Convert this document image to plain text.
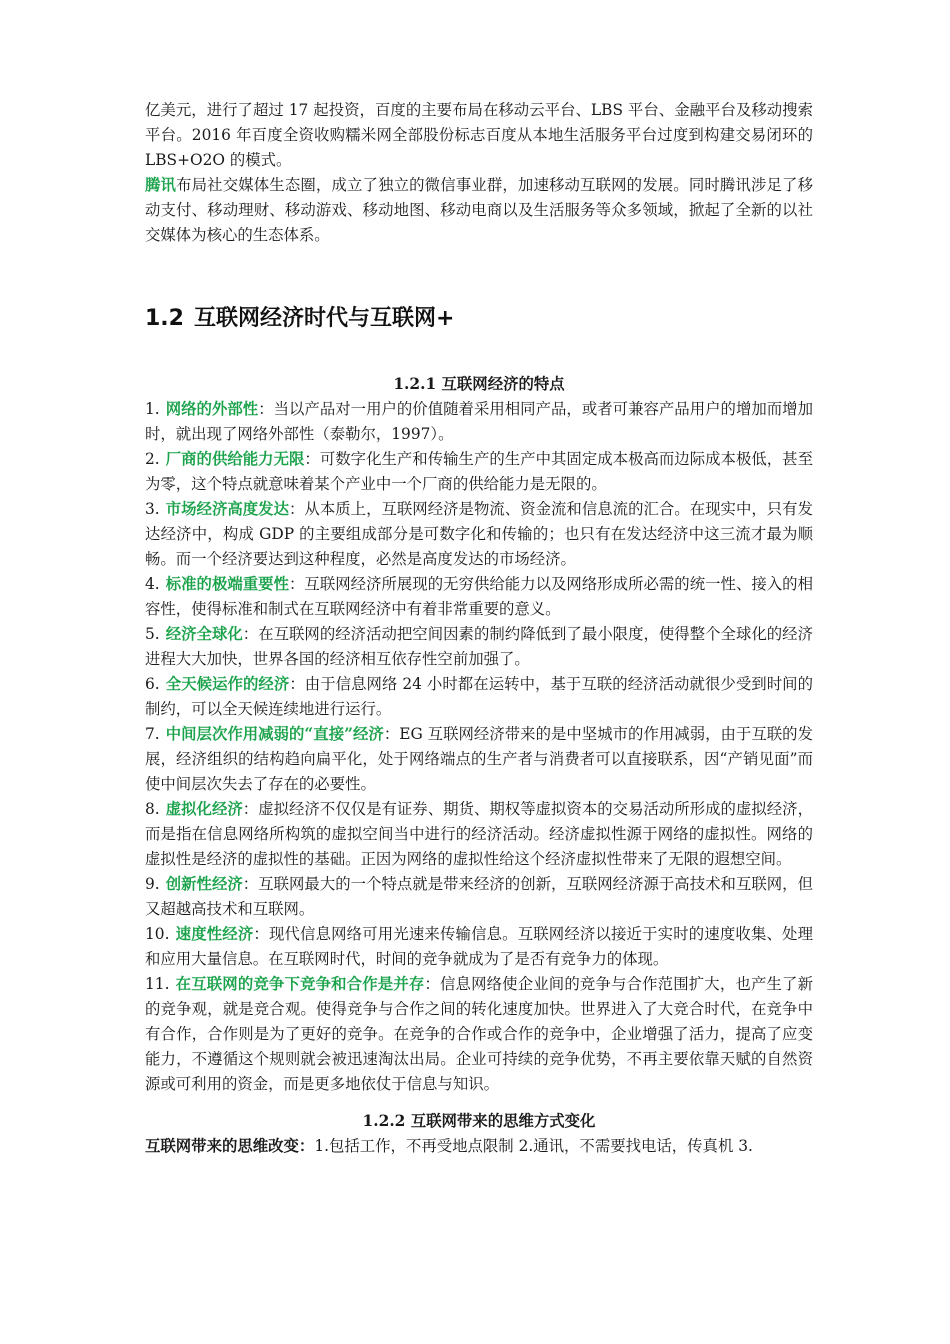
亿美元，进行了超过 17 起投资，百度的主要布局在移动云平台、LBS 平台、金融平台及移动搜索平台。2016 年百度全资收购糯米网全部股份标志百度从本地生活服务平台过度到构建交易闭环的 LBS+O2O 的模式。

腾讯布局社交媒体生态圈，成立了独立的微信事业群，加速移动互联网的发展。同时腾讯涉足了移动支付、移动理财、移动游戏、移动地图、移动电商以及生活服务等众多领域，掀起了全新的以社交媒体为核心的生态体系。

1.2 互联网经济时代与互联网+
1.2.1 互联网经济的特点

1. 网络的外部性：当以产品对一用户的价值随着采用相同产品，或者可兼容产品用户的增加而增加时，就出现了网络外部性（泰勒尔，1997）。

2. 厂商的供给能力无限：可数字化生产和传输生产的生产中其固定成本极高而边际成本极低，甚至为零，这个特点就意味着某个产业中一个厂商的供给能力是无限的。

3. 市场经济高度发达：从本质上，互联网经济是物流、资金流和信息流的汇合。在现实中，只有发达经济中，构成 GDP 的主要组成部分是可数字化和传输的；也只有在发达经济中这三流才最为顺畅。而一个经济要达到这种程度，必然是高度发达的市场经济。

4. 标准的极端重要性：互联网经济所展现的无穷供给能力以及网络形成所必需的统一性、接入的相容性，使得标准和制式在互联网经济中有着非常重要的意义。

5. 经济全球化：在互联网的经济活动把空间因素的制约降低到了最小限度，使得整个全球化的经济进程大大加快，世界各国的经济相互依存性空前加强了。

6. 全天候运作的经济：由于信息网络 24 小时都在运转中，基于互联的经济活动就很少受到时间的制约，可以全天候连续地进行运行。

7. 中间层次作用减弱的“直接”经济：EG 互联网经济带来的是中坚城市的作用减弱，由于互联的发展，经济组织的结构趋向扁平化，处于网络端点的生产者与消费者可以直接联系，因“产销见面”而使中间层次失去了存在的必要性。

8. 虚拟化经济：虚拟经济不仅仅是有证券、期货、期权等虚拟资本的交易活动所形成的虚拟经济，而是指在信息网络所构筑的虚拟空间当中进行的经济活动。经济虚拟性源于网络的虚拟性。网络的虚拟性是经济的虚拟性的基础。正因为网络的虚拟性给这个经济虚拟性带来了无限的遐想空间。

9. 创新性经济：互联网最大的一个特点就是带来经济的创新，互联网经济源于高技术和互联网，但又超越高技术和互联网。

10. 速度性经济：现代信息网络可用光速来传输信息。互联网经济以接近于实时的速度收集、处理和应用大量信息。在互联网时代，时间的竞争就成为了是否有竞争力的体现。

11. 在互联网的竞争下竞争和合作是并存：信息网络使企业间的竞争与合作范围扩大，也产生了新的竞争观，就是竞合观。使得竞争与合作之间的转化速度加快。世界进入了大竞合时代，在竞争中有合作，合作则是为了更好的竞争。在竞争的合作或合作的竞争中，企业增强了活力，提高了应变能力，不遵循这个规则就会被迅速淘汰出局。企业可持续的竞争优势，不再主要依靠天赋的自然资源或可利用的资金，而是更多地依仗于信息与知识。

1.2.2 互联网带来的思维方式变化

互联网带来的思维改变：1.包括工作，不再受地点限制 2.通讯，不需要找电话，传真机 3.
